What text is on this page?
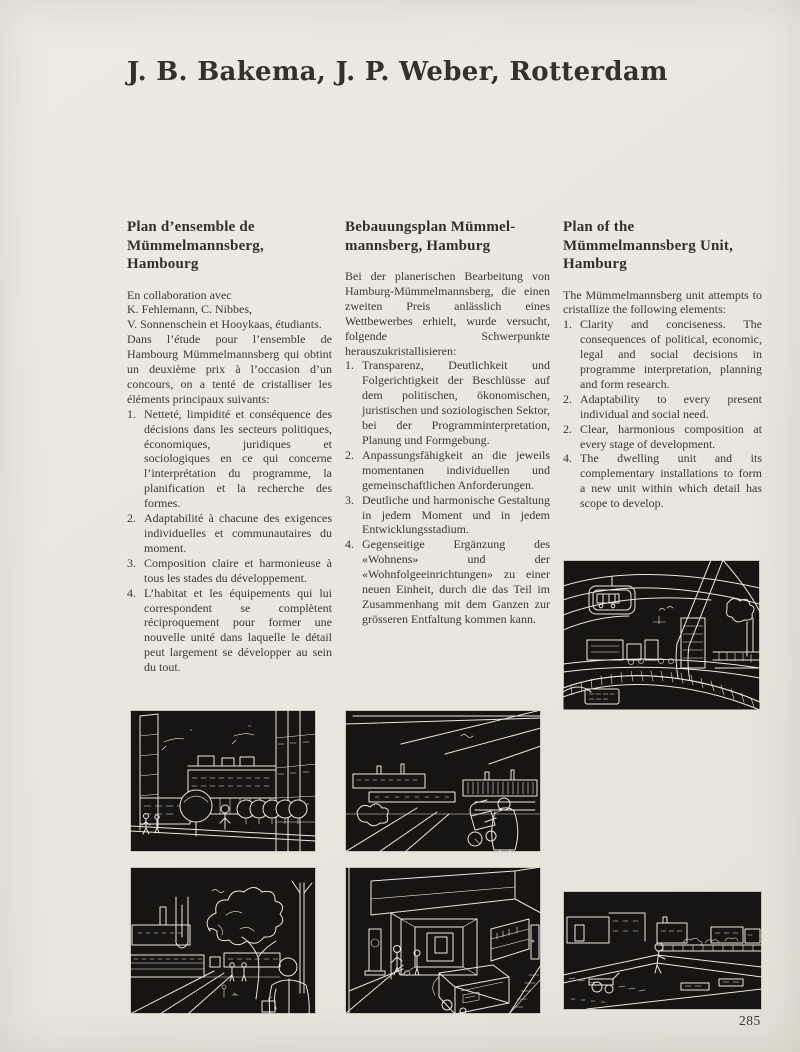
J. B. Bakema, J. P. Weber, Rotterdam
Plan d’ensemble de
Mümmelmannsberg, Hambourg

En collaboration avec
K. Fehlemann, C. Nibbes,
V. Sonnenschein et Hooykaas, étudiants.

Dans l’étude pour l’ensemble de Hambourg Mümmelmannsberg qui obtint un deuxième prix à l’occasion d’un concours, on a tenté de cristalliser les éléments principaux suivants:

1. Netteté, limpidité et conséquence des décisions dans les secteurs politiques, économiques, juridiques et sociologiques en ce qui concerne l’interprétation du programme, la planification et la recherche des formes.
2. Adaptabilité à chacune des exigences individuelles et communautaires du moment.
3. Composition claire et harmonieuse à tous les stades du développement.
4. L’habitat et les équipements qui lui correspondent se complètent réciproquement pour former une nouvelle unité dans laquelle le détail peut largement se développer au sein du tout.
Bebauungsplan Mümmel-
mannsberg, Hamburg

Bei der planerischen Bearbeitung von Hamburg-Mümmelmannsberg, die einen zweiten Preis anlässlich eines Wettbewerbes erhielt, wurde versucht, folgende Schwerpunkte herauszukristallisieren:

1. Transparenz, Deutlichkeit und Folgerichtigkeit der Beschlüsse auf dem politischen, ökonomischen, juristischen und soziologischen Sektor, bei der Programminterpretation, Planung und Formgebung.
2. Anpassungsfähigkeit an die jeweils momentanen individuellen und gemeinschaftlichen Anforderungen.
3. Deutliche und harmonische Gestaltung in jedem Moment und in jedem Entwicklungsstadium.
4. Gegenseitige Ergänzung des «Wohnens» und der «Wohnfolgeeinrichtungen» zu einer neuen Einheit, durch die das Teil im Zusammenhang mit dem Ganzen zur grösseren Entfaltung kommen kann.
Plan of the
Mümmelmannsberg Unit,
Hamburg

The Mümmelmannsberg unit attempts to cristallize the following elements:

1. Clarity and conciseness. The consequences of political, economic, legal and social decisions in programme interpretation, planning and form research.
2. Adaptability to every present individual and social need.
2. Clear, harmonious composition at every stage of development.
4. The dwelling unit and its complementary installations to form a new unit within which detail has scope to develop.
285
